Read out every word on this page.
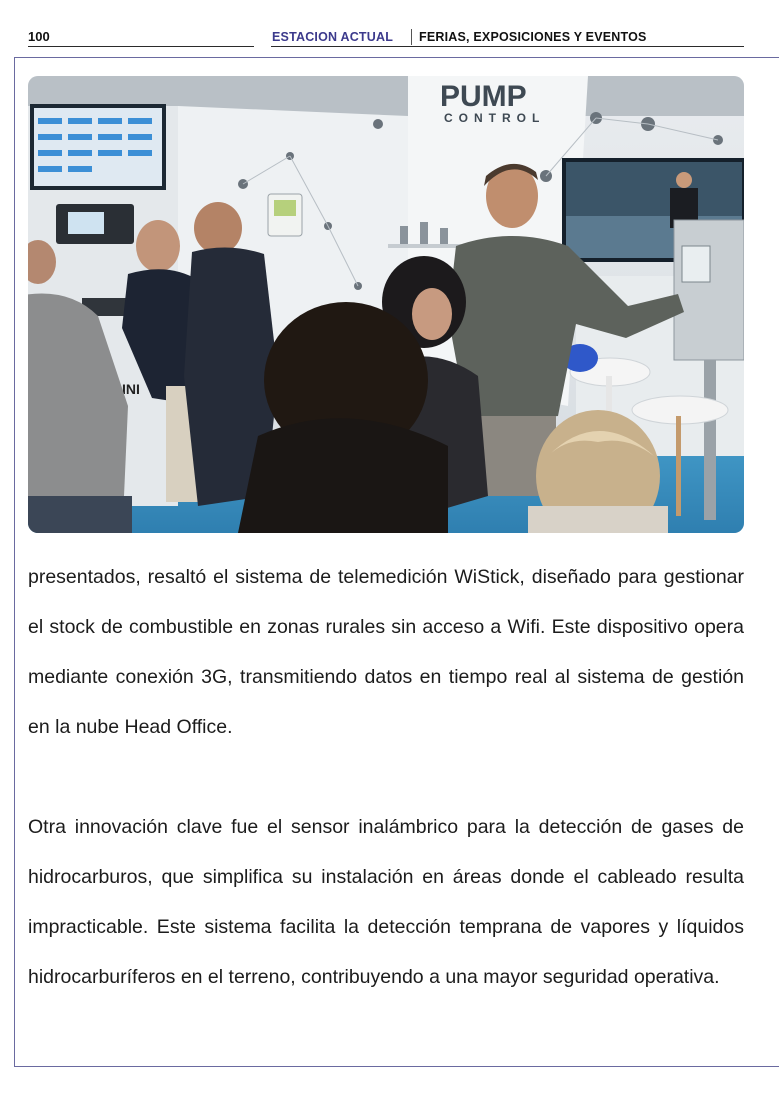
100	ESTACION ACTUAL FERIAS, EXPOSICIONES Y EVENTOS
PUMP
CONTROL
INI

presentados, resaltó el sistema de telemedición WiStick, diseñado para gestionar el stock de combustible en zonas rurales sin acceso a Wifi. Este dispositivo opera mediante conexión 3G, transmitiendo datos en tiempo real al sistema de gestión en la nube Head Office.

Otra innovación clave fue el sensor inalámbrico para la detección de gases de hidrocarburos, que simplifica su instalación en áreas donde el cableado resulta impracticable. Este sistema facilita la detección temprana de vapores y líquidos hidrocarburíferos en el terreno, contribuyendo a una mayor seguridad operativa.
